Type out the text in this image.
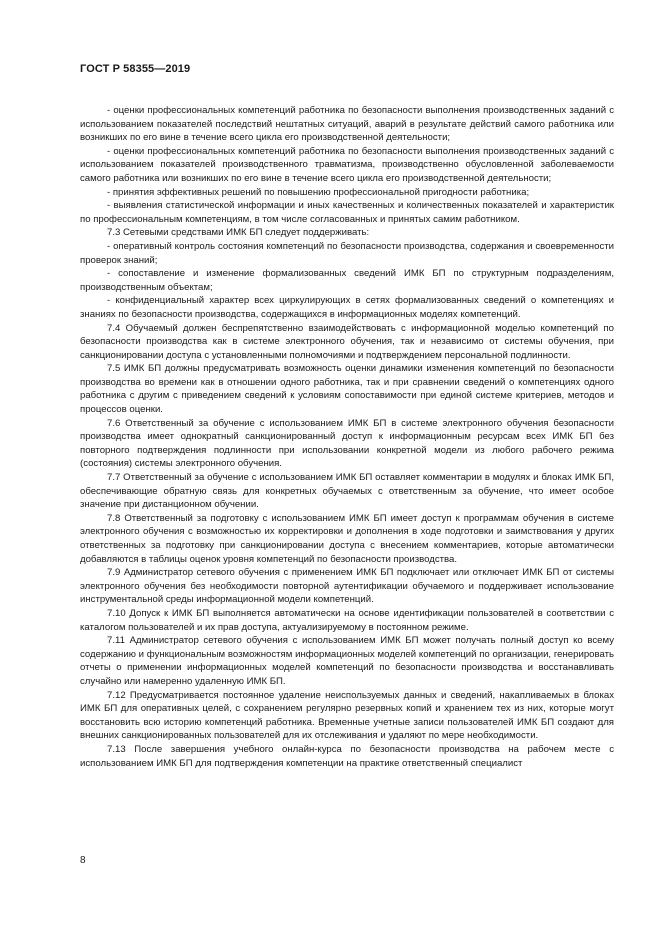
ГОСТ Р 58355—2019

- оценки профессиональных компетенций работника по безопасности выполнения производственных заданий с использованием показателей последствий нештатных ситуаций, аварий в результате действий самого работника или возникших по его вине в течение всего цикла его производственной деятельности;

- оценки профессиональных компетенций работника по безопасности выполнения производственных заданий с использованием показателей производственного травматизма, производственно обусловленной заболеваемости самого работника или возникших по его вине в течение всего цикла его производственной деятельности;

- принятия эффективных решений по повышению профессиональной пригодности работника;

- выявления статистической информации и иных качественных и количественных показателей и характеристик по профессиональным компетенциям, в том числе согласованных и принятых самим работником.

7.3 Сетевыми средствами ИМК БП следует поддерживать:

- оперативный контроль состояния компетенций по безопасности производства, содержания и своевременности проверок знаний;

- сопоставление и изменение формализованных сведений ИМК БП по структурным подразделениям, производственным объектам;

- конфиденциальный характер всех циркулирующих в сетях формализованных сведений о компетенциях и знаниях по безопасности производства, содержащихся в информационных моделях компетенций.

7.4 Обучаемый должен беспрепятственно взаимодействовать с информационной моделью компетенций по безопасности производства как в системе электронного обучения, так и независимо от системы обучения, при санкционировании доступа с установленными полномочиями и подтверждением персональной подлинности.

7.5 ИМК БП должны предусматривать возможность оценки динамики изменения компетенций по безопасности производства во времени как в отношении одного работника, так и при сравнении сведений о компетенциях одного работника с другим с приведением сведений к условиям сопоставимости при единой системе критериев, методов и процессов оценки.

7.6 Ответственный за обучение с использованием ИМК БП в системе электронного обучения безопасности производства имеет однократный санкционированный доступ к информационным ресурсам всех ИМК БП без повторного подтверждения подлинности при использовании конкретной модели из любого рабочего режима (состояния) системы электронного обучения.

7.7 Ответственный за обучение с использованием ИМК БП оставляет комментарии в модулях и блоках ИМК БП, обеспечивающие обратную связь для конкретных обучаемых с ответственным за обучение, что имеет особое значение при дистанционном обучении.

7.8 Ответственный за подготовку с использованием ИМК БП имеет доступ к программам обучения в системе электронного обучения с возможностью их корректировки и дополнения в ходе подготовки и заимствования у других ответственных за подготовку при санкционировании доступа с внесением комментариев, которые автоматически добавляются в таблицы оценок уровня компетенций по безопасности производства.

7.9 Администратор сетевого обучения с применением ИМК БП подключает или отключает ИМК БП от системы электронного обучения без необходимости повторной аутентификации обучаемого и поддерживает использование инструментальной среды информационной модели компетенций.

7.10 Допуск к ИМК БП выполняется автоматически на основе идентификации пользователей в соответствии с каталогом пользователей и их прав доступа, актуализируемому в постоянном режиме.

7.11 Администратор сетевого обучения с использованием ИМК БП может получать полный доступ ко всему содержанию и функциональным возможностям информационных моделей компетенций по организации, генерировать отчеты о применении информационных моделей компетенций по безопасности производства и восстанавливать случайно или намеренно удаленную ИМК БП.

7.12 Предусматривается постоянное удаление неиспользуемых данных и сведений, накапливаемых в блоках ИМК БП для оперативных целей, с сохранением регулярно резервных копий и хранением тех из них, которые могут восстановить всю историю компетенций работника. Временные учетные записи пользователей ИМК БП создают для внешних санкционированных пользователей для их отслеживания и удаляют по мере необходимости.

7.13 После завершения учебного онлайн-курса по безопасности производства на рабочем месте с использованием ИМК БП для подтверждения компетенции на практике ответственный специалист

8
